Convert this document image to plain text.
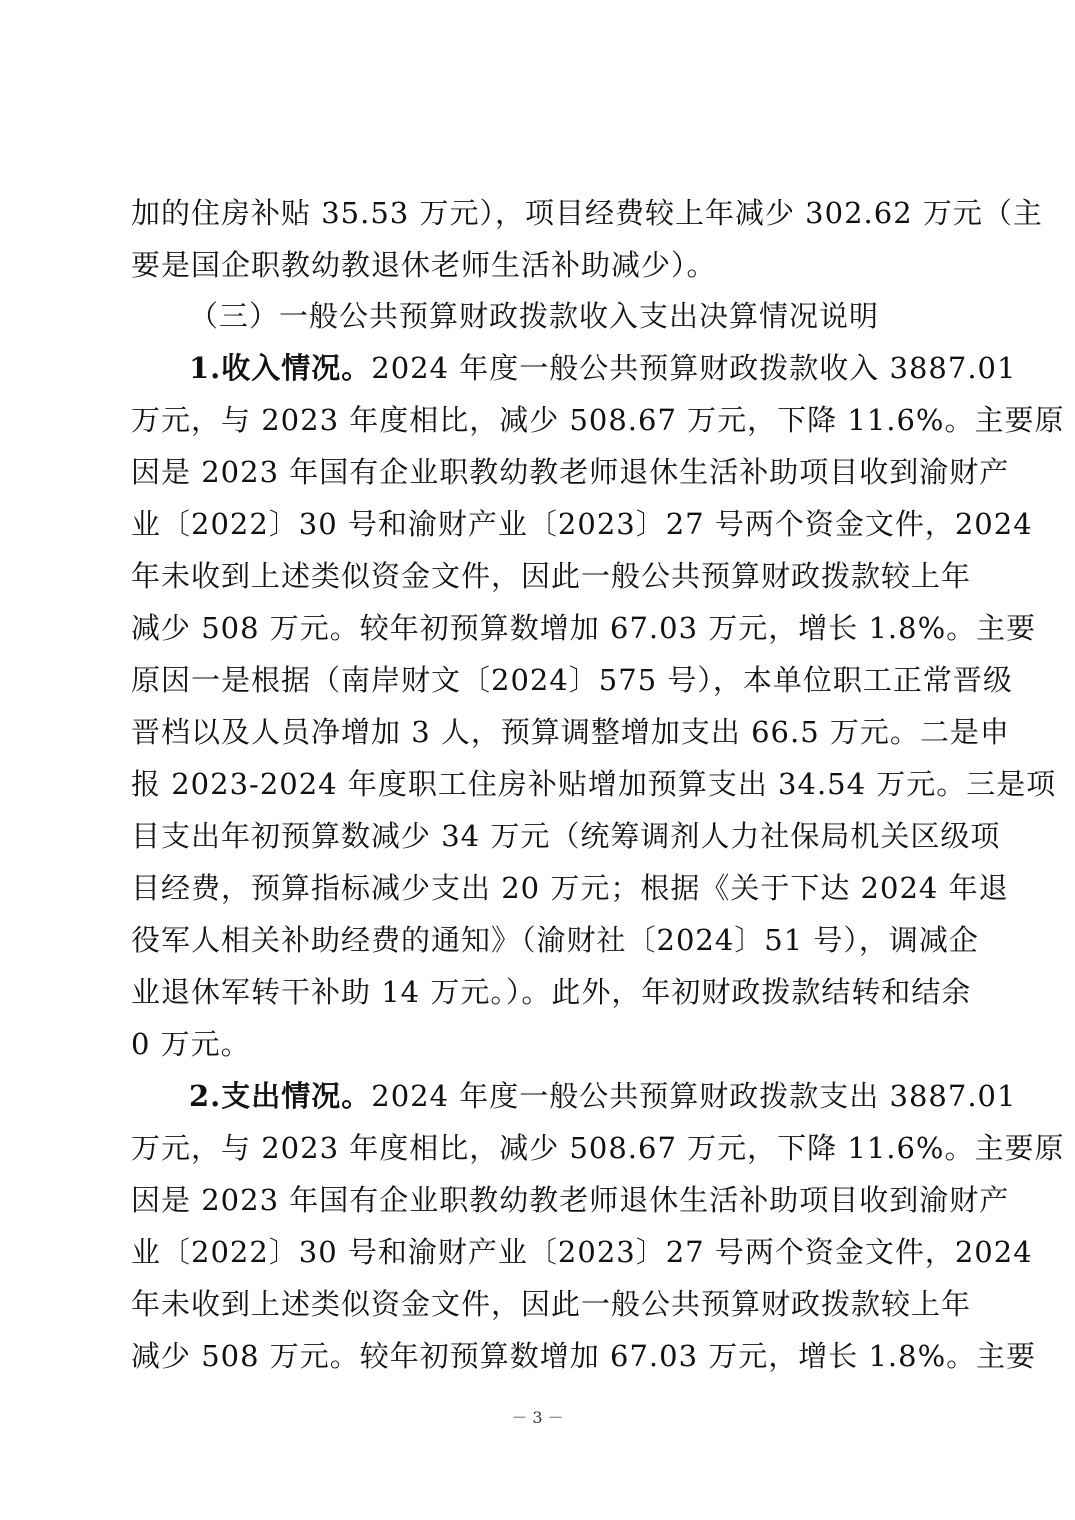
加的住房补贴 35.53 万元），项目经费较上年减少 302.62 万元（主
要是国企职教幼教退休老师生活补助减少）。
（三）一般公共预算财政拨款收入支出决算情况说明
1.收入情况。2024 年度一般公共预算财政拨款收入 3887.01
万元，与 2023 年度相比，减少 508.67 万元，下降 11.6%。主要原
因是 2023 年国有企业职教幼教老师退休生活补助项目收到渝财产
业〔2022〕30 号和渝财产业〔2023〕27 号两个资金文件，2024
年未收到上述类似资金文件，因此一般公共预算财政拨款较上年
减少 508 万元。较年初预算数增加 67.03 万元，增长 1.8%。主要
原因一是根据（南岸财文〔2024〕575 号），本单位职工正常晋级
晋档以及人员净增加 3 人，预算调整增加支出 66.5 万元。二是申
报 2023-2024 年度职工住房补贴增加预算支出 34.54 万元。三是项
目支出年初预算数减少 34 万元（统筹调剂人力社保局机关区级项
目经费，预算指标减少支出 20 万元；根据《关于下达 2024 年退
役军人相关补助经费的通知》（渝财社〔2024〕51 号），调减企
业退休军转干补助 14 万元。）。此外，年初财政拨款结转和结余
0 万元。
2.支出情况。2024 年度一般公共预算财政拨款支出 3887.01
万元，与 2023 年度相比，减少 508.67 万元，下降 11.6%。主要原
因是 2023 年国有企业职教幼教老师退休生活补助项目收到渝财产
业〔2022〕30 号和渝财产业〔2023〕27 号两个资金文件，2024
年未收到上述类似资金文件，因此一般公共预算财政拨款较上年
减少 508 万元。较年初预算数增加 67.03 万元，增长 1.8%。主要
－ 3 －
